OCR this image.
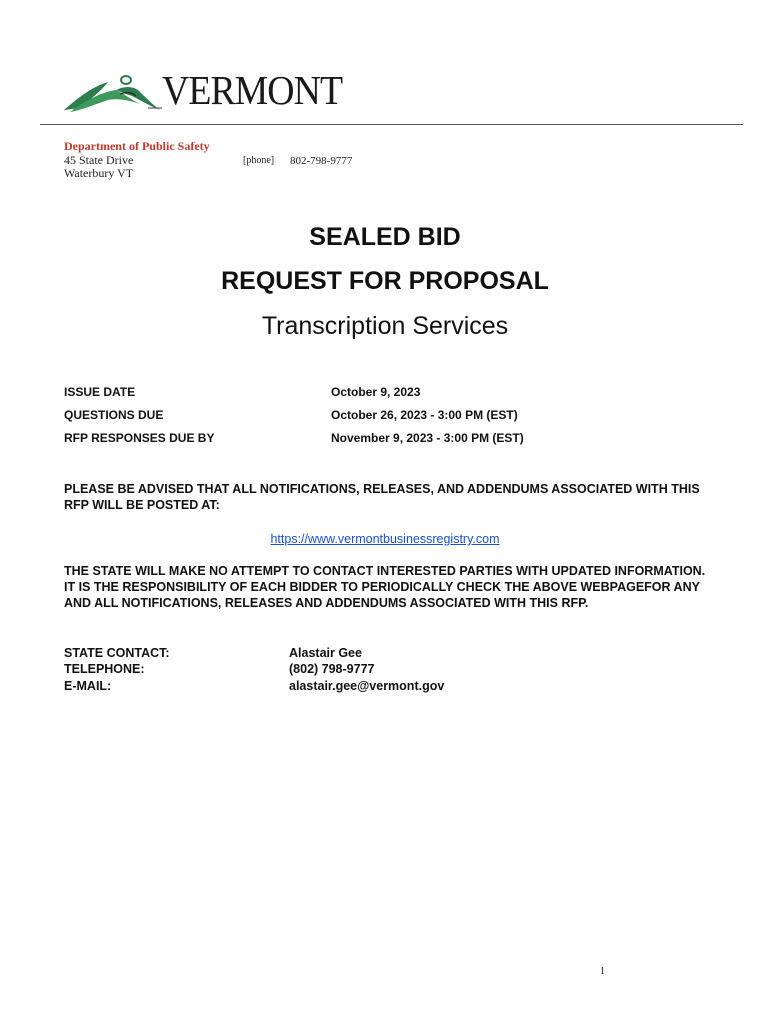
VERMONT
Department of Public Safety
45 State Drive
Waterbury VT
[phone] 802-798-9777
SEALED BID
REQUEST FOR PROPOSAL
Transcription Services
ISSUE DATE	October 9, 2023
QUESTIONS DUE	October 26, 2023 - 3:00 PM (EST)
RFP RESPONSES DUE BY	November 9, 2023 - 3:00 PM (EST)

PLEASE BE ADVISED THAT ALL NOTIFICATIONS, RELEASES, AND ADDENDUMS ASSOCIATED WITH THIS RFP WILL BE POSTED AT:

https://www.vermontbusinessregistry.com

THE STATE WILL MAKE NO ATTEMPT TO CONTACT INTERESTED PARTIES WITH UPDATED INFORMATION. IT IS THE RESPONSIBILITY OF EACH BIDDER TO PERIODICALLY CHECK THE ABOVE WEBPAGEFOR ANY AND ALL NOTIFICATIONS, RELEASES AND ADDENDUMS ASSOCIATED WITH THIS RFP.

STATE CONTACT:	Alastair Gee
TELEPHONE:	(802) 798-9777
E-MAIL:	alastair.gee@vermont.gov
1
